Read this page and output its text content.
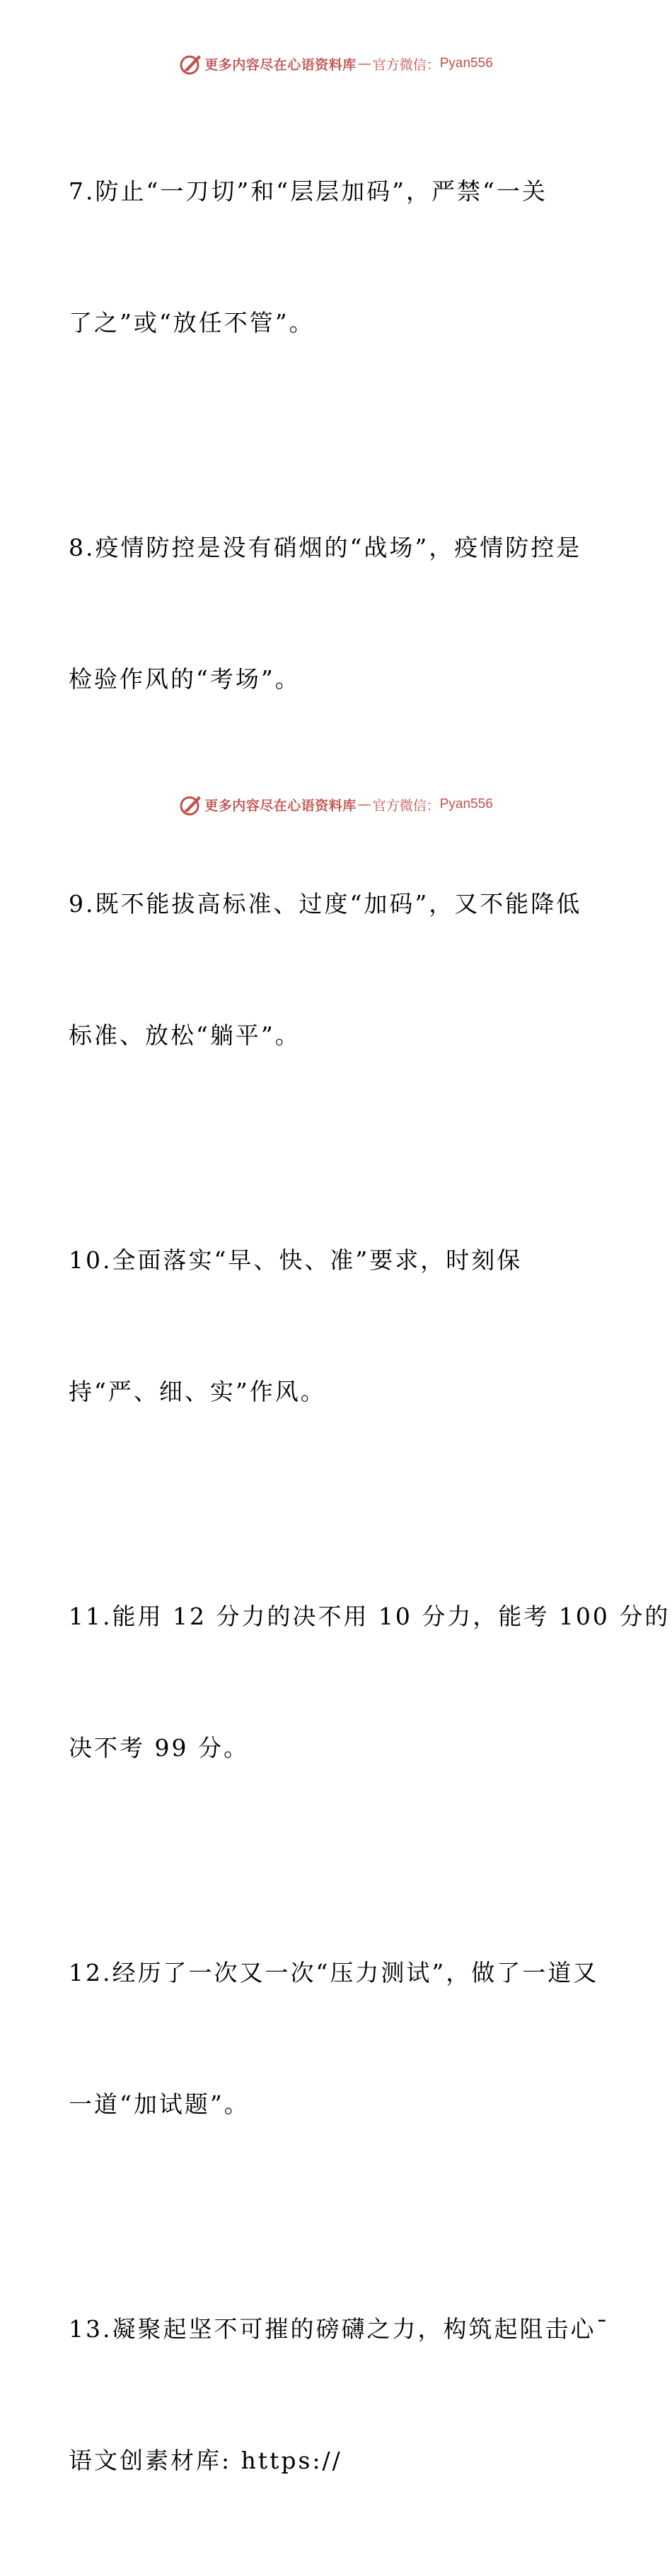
更多内容尽在心语资料库 — 官方微信： Pyan556

7.防止“一刀切”和“层层加码”，严禁“一关

了之”或“放任不管”。

8.疫情防控是没有硝烟的“战场”，疫情防控是

检验作风的“考场”。

9.既不能拔高标准、过度“加码”，又不能降低

标准、放松“躺平”。

10.全面落实“早、快、准”要求，时刻保

持“严、细、实”作风。

11.能用 12 分力的决不用 10 分力，能考 100 分的

决不考 99 分。

12.经历了一次又一次“压力测试”，做了一道又

一道“加试题”。

13.凝聚起坚不可摧的磅礴之力，构筑起阻击心¯

语文创素材库: https://

更多内容尽在心语资料库 — 官方微信： Pyan556
